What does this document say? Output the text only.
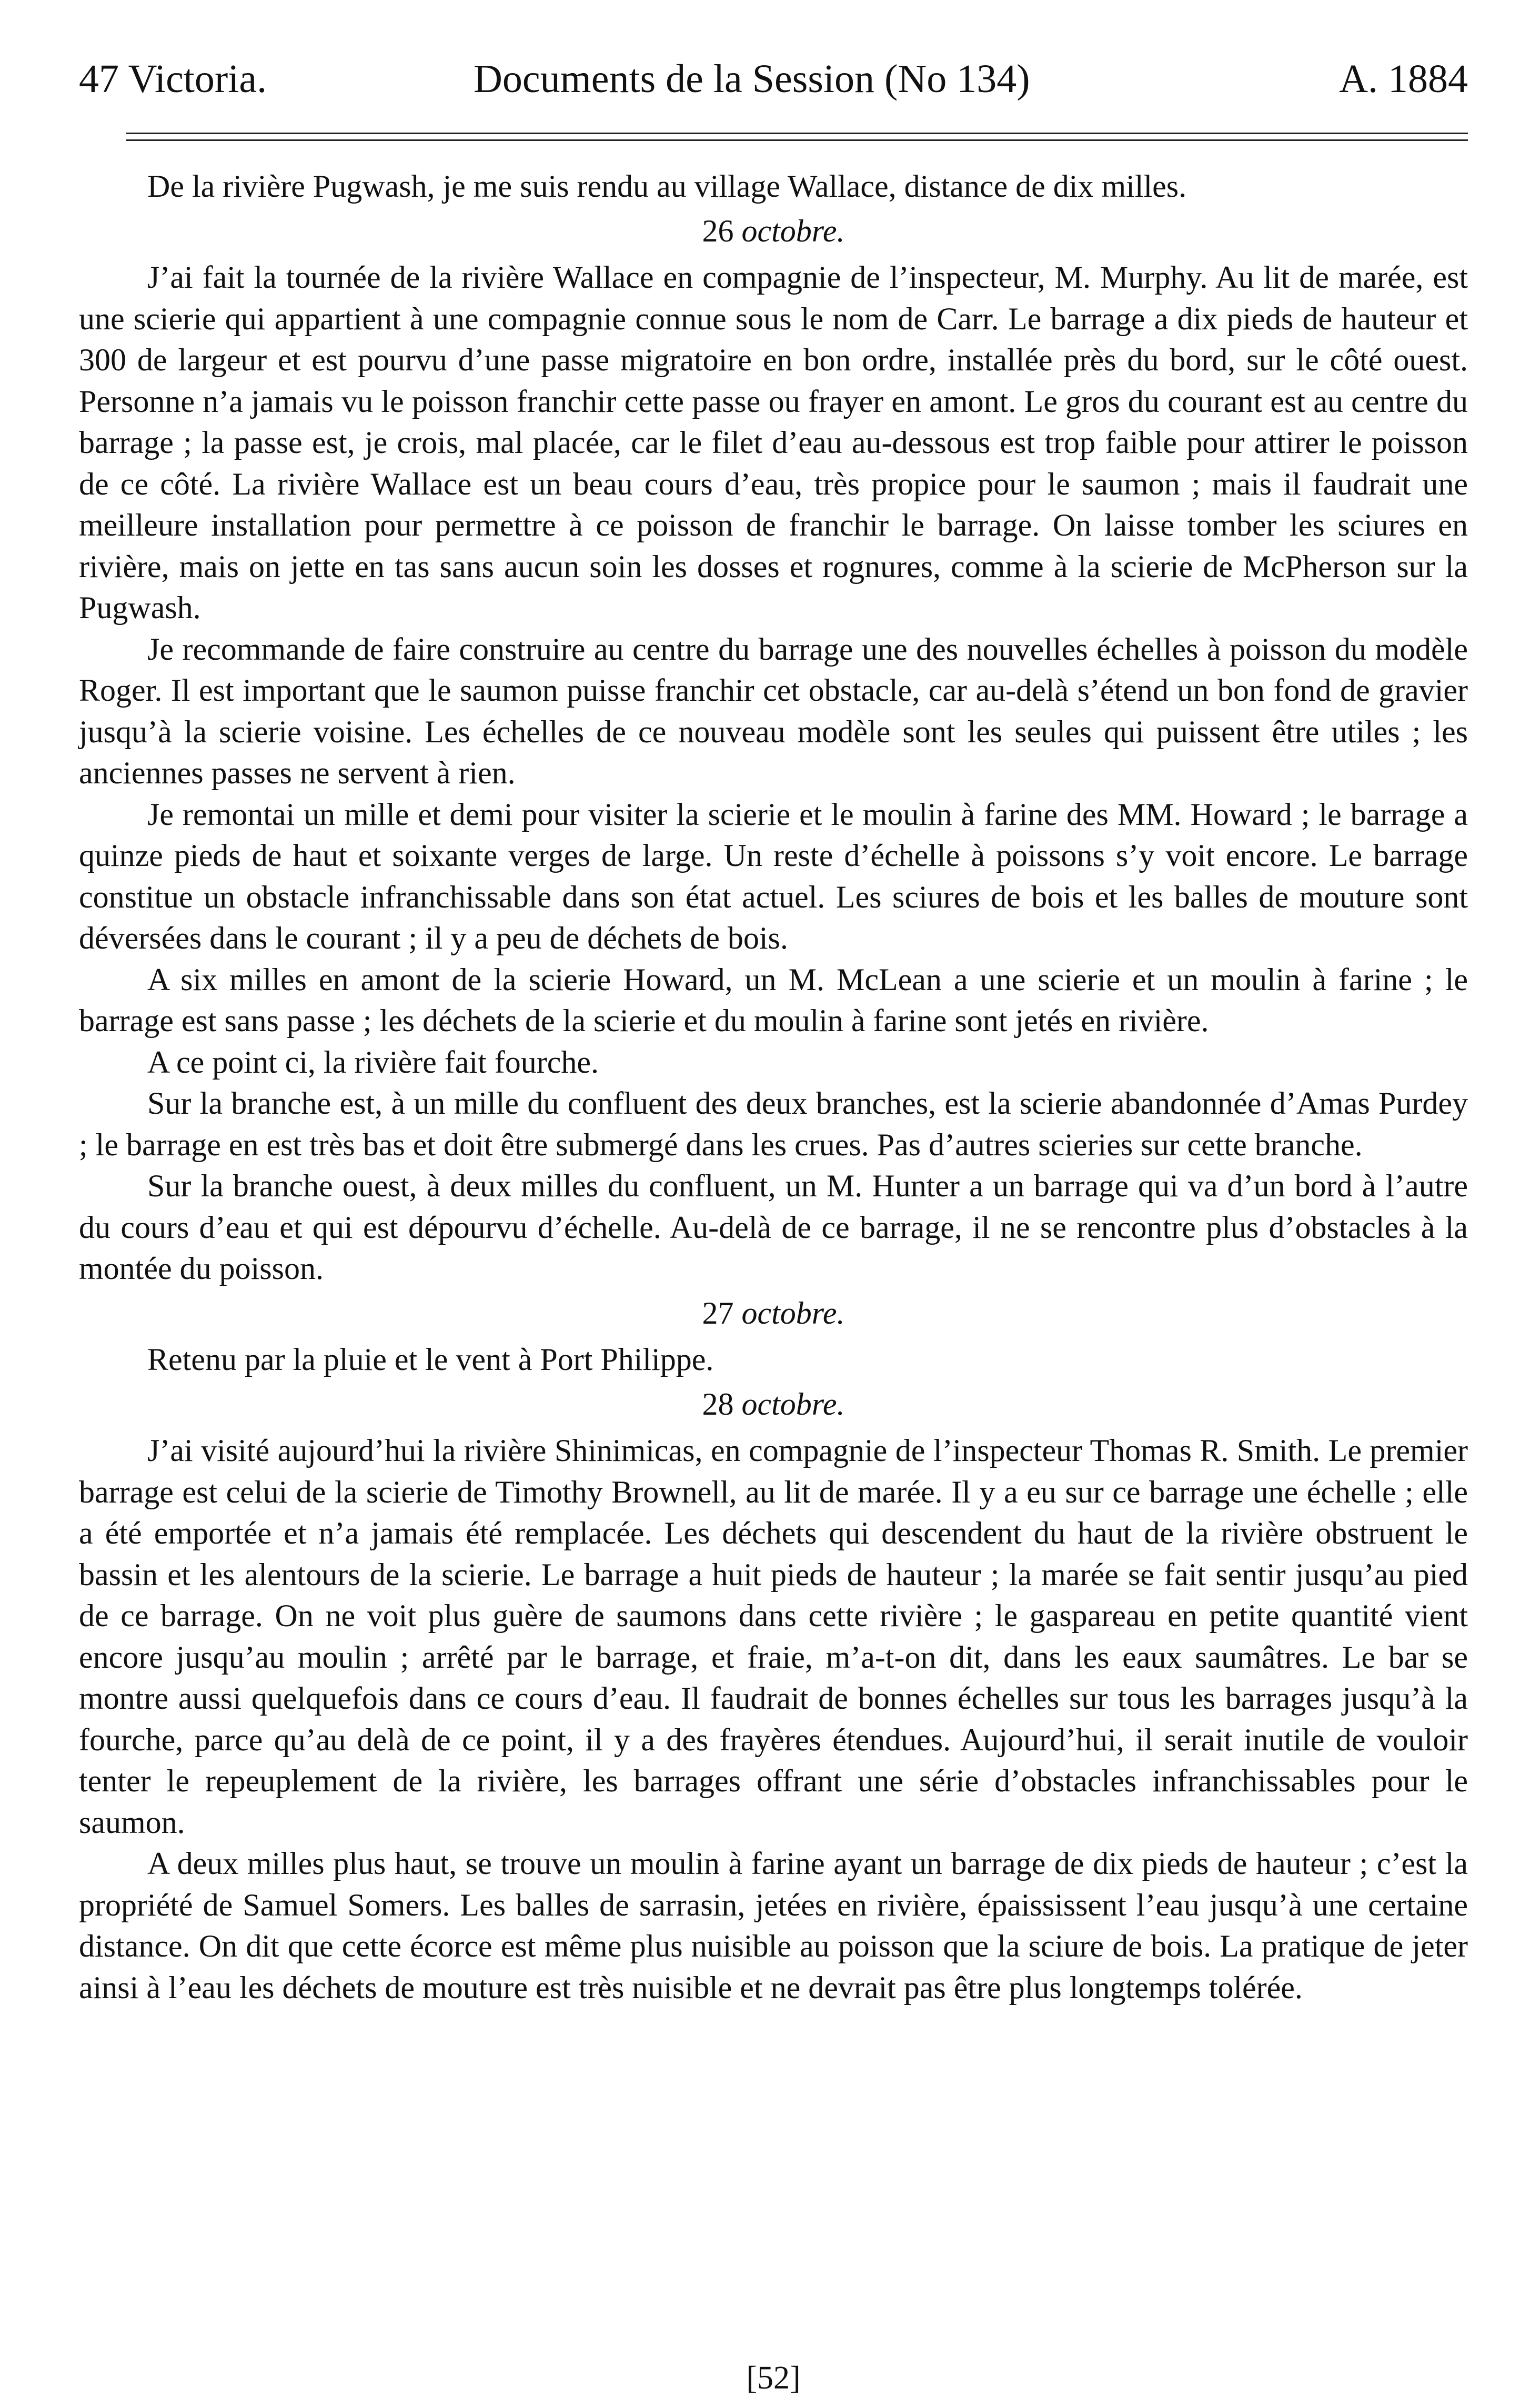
47 Victoria.	Documents de la Session (No 134)	A. 1884

De la rivière Pugwash, je me suis rendu au village Wallace, distance de dix milles.

26 octobre.

J’ai fait la tournée de la rivière Wallace en compagnie de l’inspecteur, M. Murphy. Au lit de marée, est une scierie qui appartient à une compagnie connue sous le nom de Carr. Le barrage a dix pieds de hauteur et 300 de largeur et est pourvu d’une passe migratoire en bon ordre, installée près du bord, sur le côté ouest. Personne n’a jamais vu le poisson franchir cette passe ou frayer en amont. Le gros du courant est au centre du barrage ; la passe est, je crois, mal placée, car le filet d’eau au-dessous est trop faible pour attirer le poisson de ce côté. La rivière Wallace est un beau cours d’eau, très propice pour le saumon ; mais il faudrait une meilleure installation pour permettre à ce poisson de franchir le barrage. On laisse tomber les sciures en rivière, mais on jette en tas sans aucun soin les dosses et rognures, comme à la scierie de McPherson sur la Pugwash.

Je recommande de faire construire au centre du barrage une des nouvelles échelles à poisson du modèle Roger. Il est important que le saumon puisse franchir cet obstacle, car au-delà s’étend un bon fond de gravier jusqu’à la scierie voisine. Les échelles de ce nouveau modèle sont les seules qui puissent être utiles ; les anciennes passes ne servent à rien.

Je remontai un mille et demi pour visiter la scierie et le moulin à farine des MM. Howard ; le barrage a quinze pieds de haut et soixante verges de large. Un reste d’échelle à poissons s’y voit encore. Le barrage constitue un obstacle infranchissable dans son état actuel. Les sciures de bois et les balles de mouture sont déversées dans le courant ; il y a peu de déchets de bois.

A six milles en amont de la scierie Howard, un M. McLean a une scierie et un moulin à farine ; le barrage est sans passe ; les déchets de la scierie et du moulin à farine sont jetés en rivière.

A ce point ci, la rivière fait fourche.

Sur la branche est, à un mille du confluent des deux branches, est la scierie abandonnée d’Amas Purdey ; le barrage en est très bas et doit être submergé dans les crues. Pas d’autres scieries sur cette branche.

Sur la branche ouest, à deux milles du confluent, un M. Hunter a un barrage qui va d’un bord à l’autre du cours d’eau et qui est dépourvu d’échelle. Au-delà de ce barrage, il ne se rencontre plus d’obstacles à la montée du poisson.

27 octobre.

Retenu par la pluie et le vent à Port Philippe.

28 octobre.

J’ai visité aujourd’hui la rivière Shinimicas, en compagnie de l’inspecteur Thomas R. Smith. Le premier barrage est celui de la scierie de Timothy Brownell, au lit de marée. Il y a eu sur ce barrage une échelle ; elle a été emportée et n’a jamais été remplacée. Les déchets qui descendent du haut de la rivière obstruent le bassin et les alentours de la scierie. Le barrage a huit pieds de hauteur ; la marée se fait sentir jusqu’au pied de ce barrage. On ne voit plus guère de saumons dans cette rivière ; le gaspareau en petite quantité vient encore jusqu’au moulin ; arrêté par le barrage, et fraie, m’a-t-on dit, dans les eaux saumâtres. Le bar se montre aussi quelquefois dans ce cours d’eau. Il faudrait de bonnes échelles sur tous les barrages jusqu’à la fourche, parce qu’au delà de ce point, il y a des frayères étendues. Aujourd’hui, il serait inutile de vouloir tenter le repeuplement de la rivière, les barrages offrant une série d’obstacles infranchissables pour le saumon.

A deux milles plus haut, se trouve un moulin à farine ayant un barrage de dix pieds de hauteur ; c’est la propriété de Samuel Somers. Les balles de sarrasin, jetées en rivière, épaississent l’eau jusqu’à une certaine distance. On dit que cette écorce est même plus nuisible au poisson que la sciure de bois. La pratique de jeter ainsi à l’eau les déchets de mouture est très nuisible et ne devrait pas être plus longtemps tolérée.

[52]
